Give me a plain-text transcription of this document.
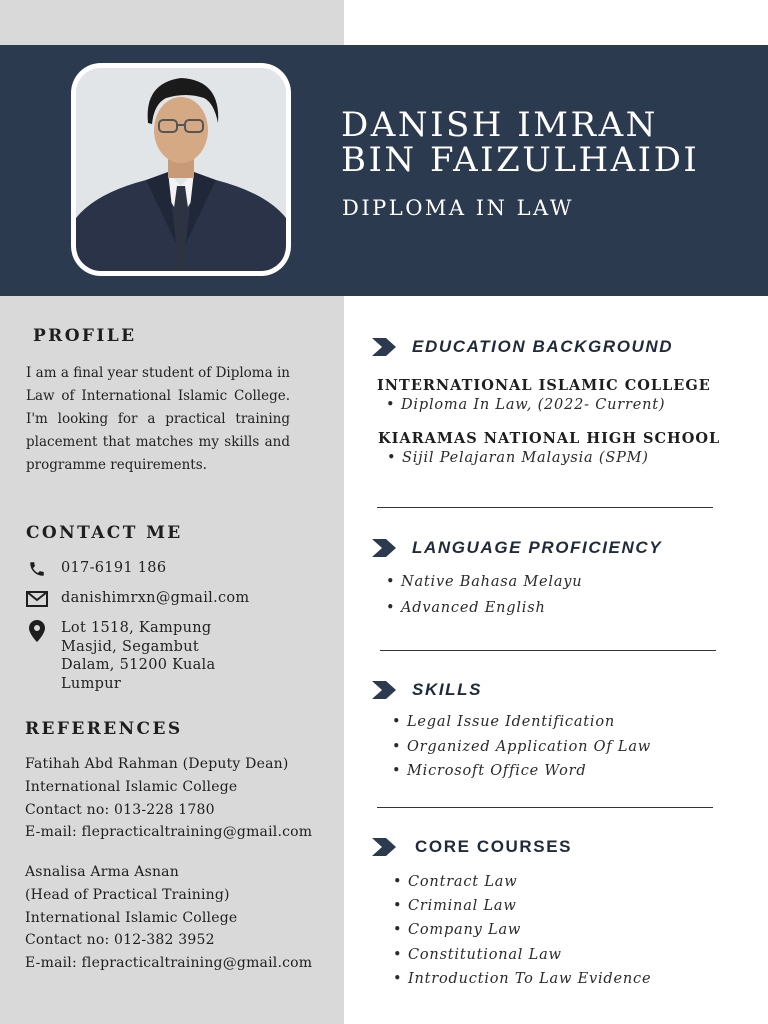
DANISH IMRAN
BIN FAIZULHAIDI
DIPLOMA IN LAW
PROFILE
I am a final year student of Diploma in Law of International Islamic College. I'm looking for a practical training placement that matches my skills and programme requirements.
CONTACT ME
017-6191 186
danishimrxn@gmail.com
Lot 1518, Kampung
Masjid, Segambut
Dalam, 51200 Kuala
Lumpur
REFERENCES
Fatihah Abd Rahman (Deputy Dean)
International Islamic College
Contact no: 013-228 1780
E-mail: flepracticaltraining@gmail.com
Asnalisa Arma Asnan
(Head of Practical Training)
International Islamic College
Contact no: 012-382 3952
E-mail: flepracticaltraining@gmail.com
EDUCATION BACKGROUND
INTERNATIONAL ISLAMIC COLLEGE
• Diploma In Law, (2022- Current)
KIARAMAS NATIONAL HIGH SCHOOL
• Sijil Pelajaran Malaysia (SPM)
LANGUAGE PROFICIENCY
• Native Bahasa Melayu
• Advanced English
SKILLS
• Legal Issue Identification
• Organized Application Of Law
• Microsoft Office Word
CORE COURSES
• Contract Law
• Criminal Law
• Company Law
• Constitutional Law
• Introduction To Law Evidence
